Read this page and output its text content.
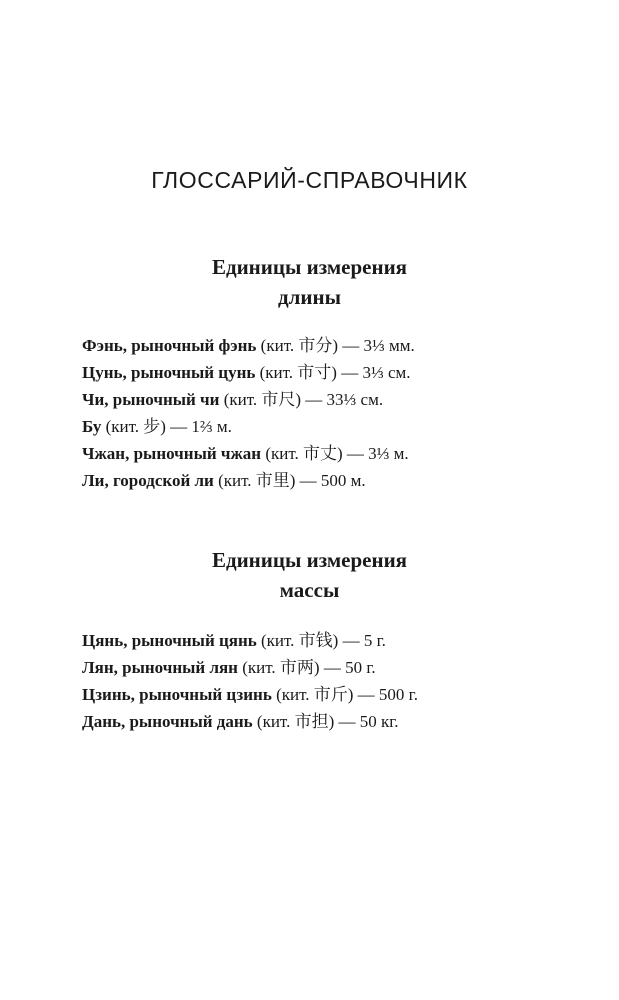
ГЛОССАРИЙ-СПРАВОЧНИК
Единицы измерения
длины
Фэнь, рыночный фэнь (кит. 市分) — 3⅓ мм.
Цунь, рыночный цунь (кит. 市寸) — 3⅓ см.
Чи, рыночный чи (кит. 市尺) — 33⅓ см.
Бу (кит. 步) — 1⅔ м.
Чжан, рыночный чжан (кит. 市丈) — 3⅓ м.
Ли, городской ли (кит. 市里) — 500 м.
Единицы измерения
массы
Цянь, рыночный цянь (кит. 市钱) — 5 г.
Лян, рыночный лян (кит. 市两) — 50 г.
Цзинь, рыночный цзинь (кит. 市斤) — 500 г.
Дань, рыночный дань (кит. 市担) — 50 кг.
